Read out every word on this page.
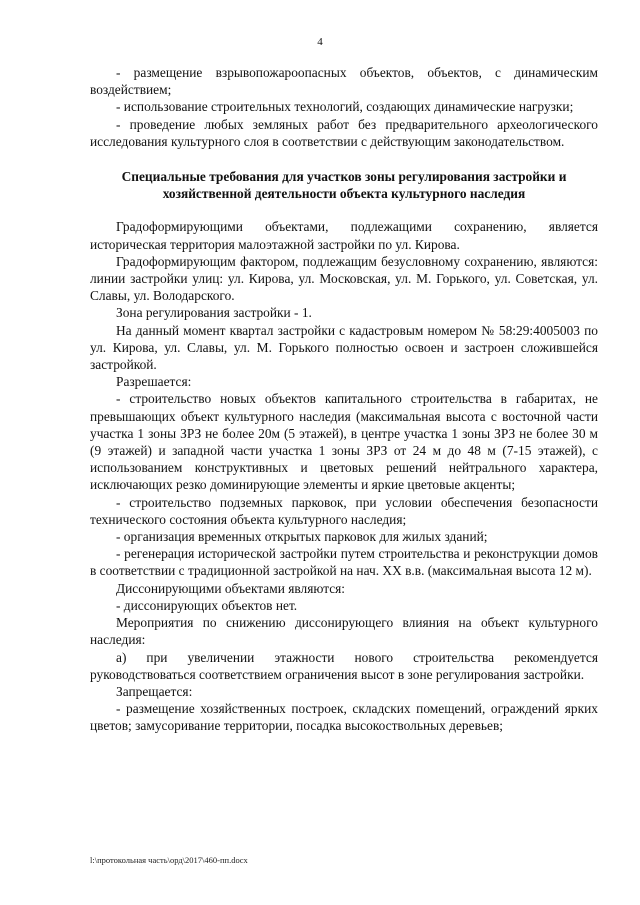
4

- размещение взрывопожароопасных объектов, объектов, с динамическим воздействием;

- использование строительных технологий, создающих динамические нагрузки;

- проведение любых земляных работ без предварительного археологического исследования культурного слоя в соответствии с действующим законодательством.

Специальные требования для участков зоны регулирования застройки и хозяйственной деятельности объекта культурного наследия

Градоформирующими объектами, подлежащими сохранению, является историческая территория малоэтажной застройки по ул. Кирова.

Градоформирующим фактором, подлежащим безусловному сохранению, являются: линии застройки улиц: ул. Кирова, ул. Московская, ул. М. Горького, ул. Советская, ул. Славы, ул. Володарского.

Зона регулирования застройки - 1.

На данный момент квартал застройки с кадастровым номером № 58:29:4005003 по ул. Кирова, ул. Славы, ул. М. Горького полностью освоен и застроен сложившейся застройкой.

Разрешается:

- строительство новых объектов капитального строительства в габаритах, не превышающих объект культурного наследия (максимальная высота с восточной части участка 1 зоны ЗРЗ не более 20м (5 этажей), в центре участка 1 зоны ЗРЗ не более 30 м (9 этажей) и западной части участка 1 зоны ЗРЗ от 24 м до 48 м (7-15 этажей), с использованием конструктивных и цветовых решений нейтрального характера, исключающих резко доминирующие элементы и яркие цветовые акценты;

- строительство подземных парковок, при условии обеспечения безопасности технического состояния объекта культурного наследия;

- организация временных открытых парковок для жилых зданий;

- регенерация исторической застройки путем строительства и реконструкции домов в соответствии с традиционной застройкой на нач. XX в.в. (максимальная высота 12 м).

Диссонирующими объектами являются:

- диссонирующих объектов нет.

Мероприятия по снижению диссонирующего влияния на объект культурного наследия:

а) при увеличении этажности нового строительства рекомендуется руководствоваться соответствием ограничения высот в зоне регулирования застройки.

Запрещается:

- размещение хозяйственных построек, складских помещений, ограждений ярких цветов; замусоривание территории, посадка высокоствольных деревьев;

l:\протокольная часть\орд\2017\460-пп.docx
